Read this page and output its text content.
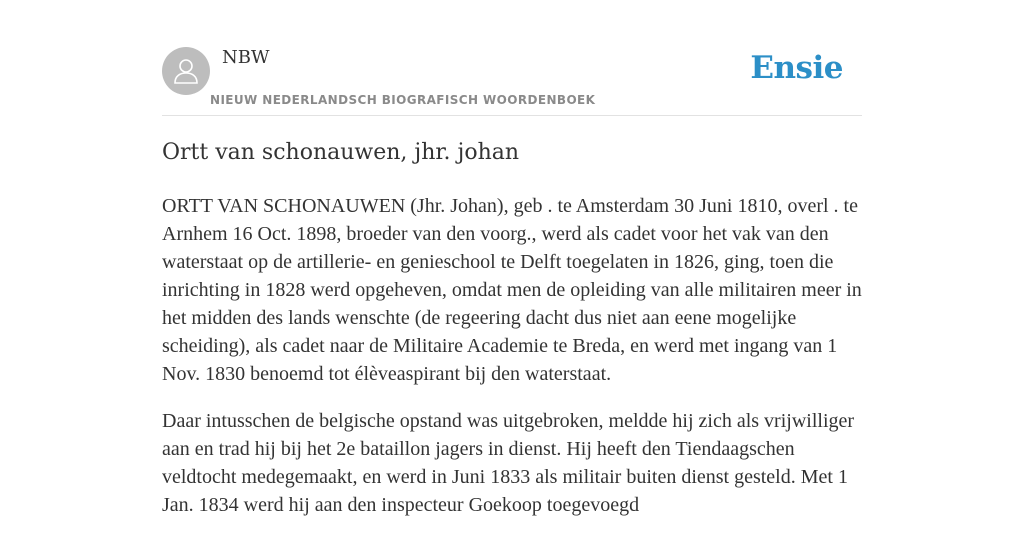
NBW
NIEUW NEDERLANDSCH BIOGRAFISCH WOORDENBOEK
Ensie
Ortt van schonauwen, jhr. johan

ORTT VAN SCHONAUWEN (Jhr. Johan), geb . te Amsterdam 30 Juni 1810, overl . te Arnhem 16 Oct. 1898, broeder van den voorg., werd als cadet voor het vak van den waterstaat op de artillerie- en genieschool te Delft toegelaten in 1826, ging, toen die inrichting in 1828 werd opgeheven, omdat men de opleiding van alle militairen meer in het midden des lands wenschte (de regeering dacht dus niet aan eene mogelijke scheiding), als cadet naar de Militaire Academie te Breda, en werd met ingang van 1 Nov. 1830 benoemd tot élèveaspirant bij den waterstaat.

Daar intusschen de belgische opstand was uitgebroken, meldde hij zich als vrijwilliger aan en trad hij bij het 2e bataillon jagers in dienst. Hij heeft den Tiendaagschen veldtocht medegemaakt, en werd in Juni 1833 als militair buiten dienst gesteld. Met 1 Jan. 1834 werd hij aan den inspecteur Goekoop toegevoegd
